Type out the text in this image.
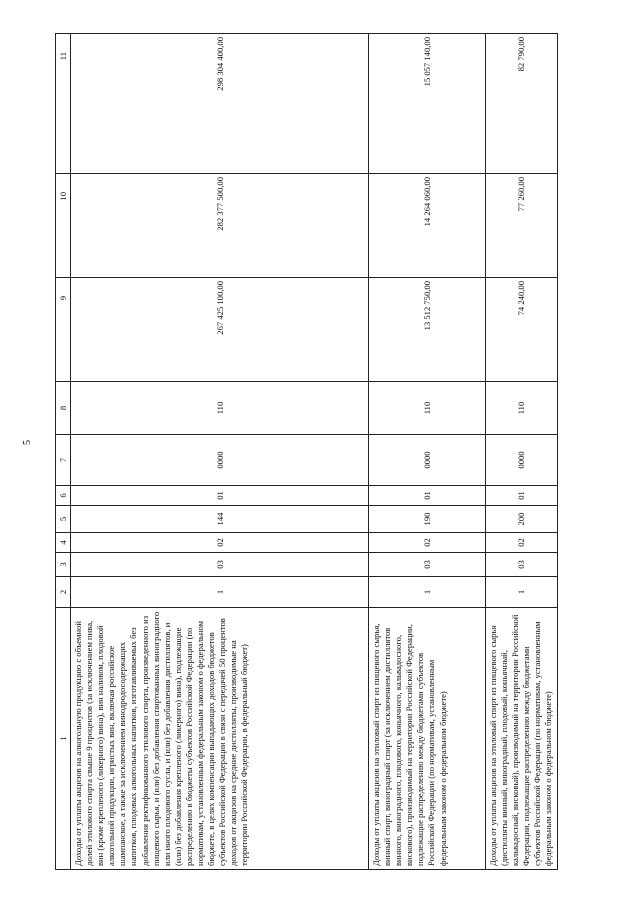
5
1	2	3	4	5	6	7	8	9	10	11
Доходы от уплаты акцизов на алкогольную продукцию с объемной долей этилового спирта свыше 9 процентов (за исключением пива, вин (кроме крепленого (ликерного) вина), вин наливом, плодовой алкогольной продукции, игристых вин, включая российское шампанское, а также за исключением винодродосодержащих напитков, плодовых алкогольных напитков, изготавливаемых без добавления ректификованного этилового спирта, произведенного из пищевого сырья, и (или) без добавления спиртованных виноградного или иного плодового сусла, и (или) без добавления дистиллятов, и (или) без добавления крепленого (ликерного) вина), подлежащие распределению в бюджеты субъектов Российской Федерации (по нормативам, установленным федеральным законом о федеральном бюджете, в целях компенсации выпадающих доходов бюджетов субъектов Российской Федерации в связи с передачей 50 процентов доходов от акцизов на средние дистилляты, производимые на территории Российской Федерации, в федеральный бюджет)	1	03	02	144	01	0000	110	267 425 100,00	282 377 500,00	298 304 400,00
Доходы от уплаты акцизов на этиловый спирт из пищевого сырья, винный спирт, виноградный спирт (за исключением дистиллятов винного, виноградного, плодового, коньячного, кальвадосного, вискового), производимый на территории Российской Федерации, подлежащие распределению между бюджетами субъектов Российской Федерации (по нормативам, установленным федеральным законом о федеральном бюджете)	1	03	02	190	01	0000	110	13 512 750,00	14 264 060,00	15 057 140,00
Доходы от уплаты акцизов на этиловый спирт из пищевого сырья (дистилляты винный, виноградный, плодовый, коньячный, кальвадосный, висковый), производимый на территории Российской Федерации, подлежащие распределению между бюджетами субъектов Российской Федерации (по нормативам, установленным федеральным законом о федеральном бюджете)	1	03	02	200	01	0000	110	74 240,00	77 260,00	82 790,00
